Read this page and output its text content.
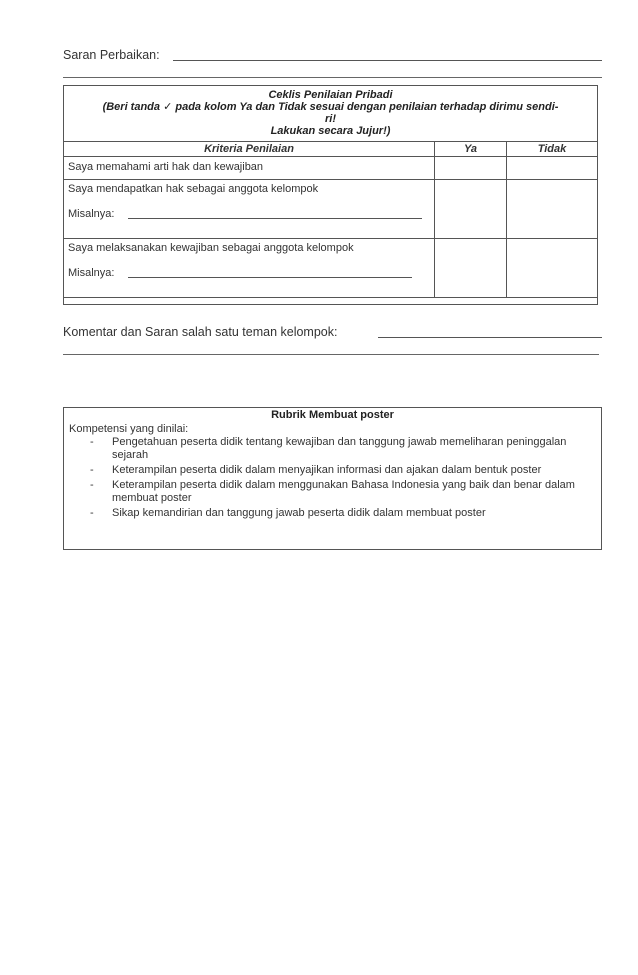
Saran Perbaikan:
Ceklis Penilaian Pribadi
(Beri tanda ✓ pada kolom Ya dan Tidak sesuai dengan penilaian terhadap dirimu sendi-
ri!
Lakukan secara Jujur!)
Kriteria Penilaian	Ya	Tidak
Saya memahami arti hak dan kewajiban		

Saya mendapatkan hak sebagai anggota kelompok
Misalnya:		

Saya melaksanakan kewajiban sebagai anggota kelompok
Misalnya:		

Komentar dan Saran salah satu teman kelompok:
Rubrik Membuat poster
Kompetensi yang dinilai:
- Pengetahuan peserta didik tentang kewajiban dan tanggung jawab memeliharan peninggalan sejarah
- Keterampilan peserta didik dalam menyajikan informasi dan ajakan dalam bentuk poster
- Keterampilan peserta didik dalam menggunakan Bahasa Indonesia yang baik dan benar dalam membuat poster
- Sikap kemandirian dan tanggung jawab peserta didik dalam membuat poster
